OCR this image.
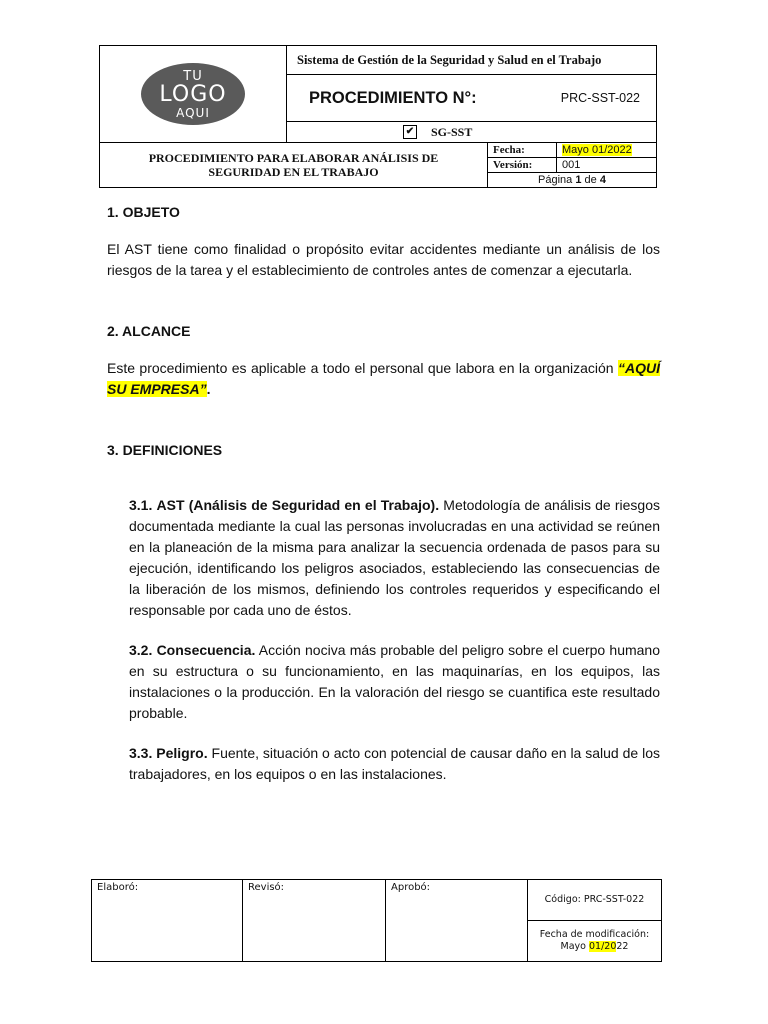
TU
LOGO
AQUI
	Sistema de Gestión de la Seguridad y Salud en el Trabajo

PROCEDIMIENTO N°:	PRC-SST-022

✔ SG-SST

PROCEDIMIENTO PARA ELABORAR ANÁLISIS DE
SEGURIDAD EN EL TRABAJO

Fecha:	Mayo 01/2022
Versión:	001
Página 1 de 4

1. OBJETO

El AST tiene como finalidad o propósito evitar accidentes mediante un análisis de los riesgos de la tarea y el establecimiento de controles antes de comenzar a ejecutarla.

2. ALCANCE

Este procedimiento es aplicable a todo el personal que labora en la organización “AQUÍ SU EMPRESA”.

3. DEFINICIONES

3.1. AST (Análisis de Seguridad en el Trabajo). Metodología de análisis de riesgos documentada mediante la cual las personas involucradas en una actividad se reúnen en la planeación de la misma para analizar la secuencia ordenada de pasos para su ejecución, identificando los peligros asociados, estableciendo las consecuencias de la liberación de los mismos, definiendo los controles requeridos y especificando el responsable por cada uno de éstos.

3.2. Consecuencia. Acción nociva más probable del peligro sobre el cuerpo humano en su estructura o su funcionamiento, en las maquinarías, en los equipos, las instalaciones o la producción. En la valoración del riesgo se cuantifica este resultado probable.

3.3. Peligro. Fuente, situación o acto con potencial de causar daño en la salud de los trabajadores, en los equipos o en las instalaciones.

Elaboró:	Revisó:	Aprobó:	
Código: PRC-SST-022
Fecha de modificación:
Mayo 01/2022
